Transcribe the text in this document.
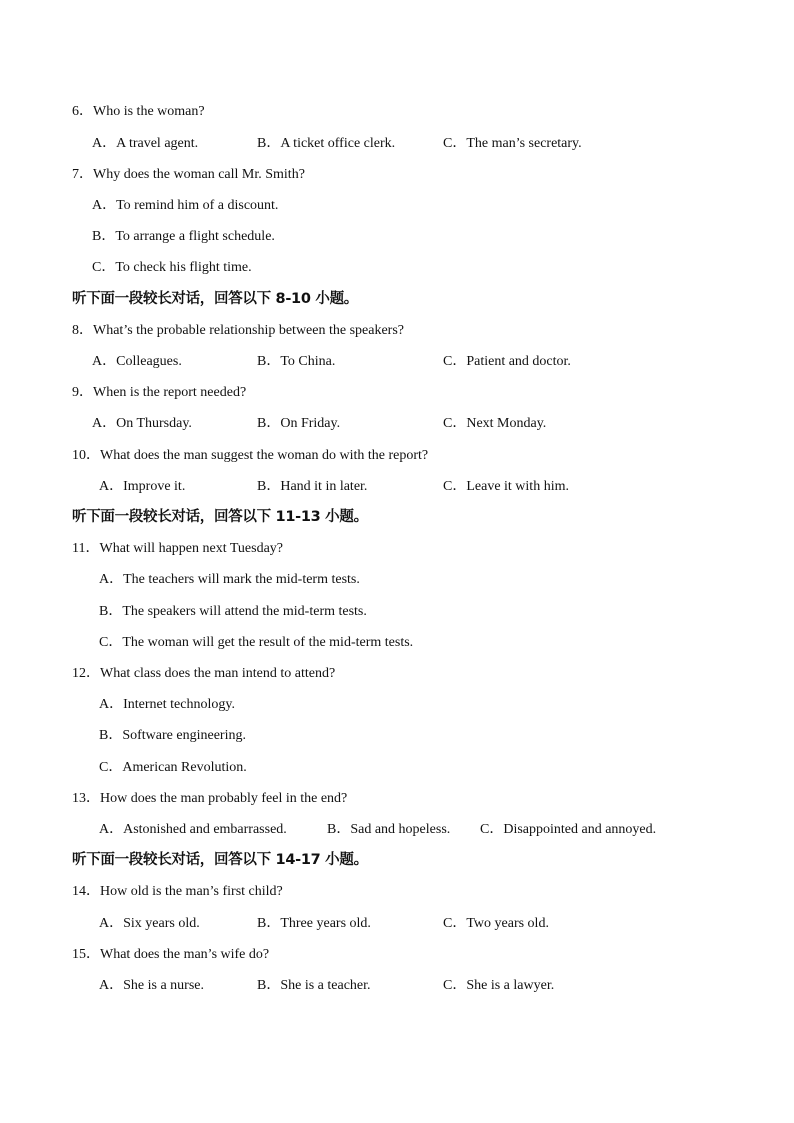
6．Who is the woman?
A．A travel agent.	B．A ticket office clerk.	C．The man’s secretary.
7．Why does the woman call Mr. Smith?
A．To remind him of a discount.
B．To arrange a flight schedule.
C．To check his flight time.
听下面一段较长对话，回答以下 8-10 小题。
8．What’s the probable relationship between the speakers?
A．Colleagues.	B．To China.	C．Patient and doctor.
9．When is the report needed?
A．On Thursday.	B．On Friday.	C．Next Monday.
10．What does the man suggest the woman do with the report?
A．Improve it.	B．Hand it in later.	C．Leave it with him.
听下面一段较长对话，回答以下 11-13 小题。
11．What will happen next Tuesday?
A．The teachers will mark the mid-term tests.
B．The speakers will attend the mid-term tests.
C．The woman will get the result of the mid-term tests.
12．What class does the man intend to attend?
A．Internet technology.
B．Software engineering.
C．American Revolution.
13．How does the man probably feel in the end?
A．Astonished and embarrassed.	B．Sad and hopeless. C．Disappointed and annoyed.
听下面一段较长对话，回答以下 14-17 小题。
14．How old is the man’s first child?
A．Six years old.	B．Three years old.	C．Two years old.
15．What does the man’s wife do?
A．She is a nurse.	B．She is a teacher.	C．She is a lawyer.
